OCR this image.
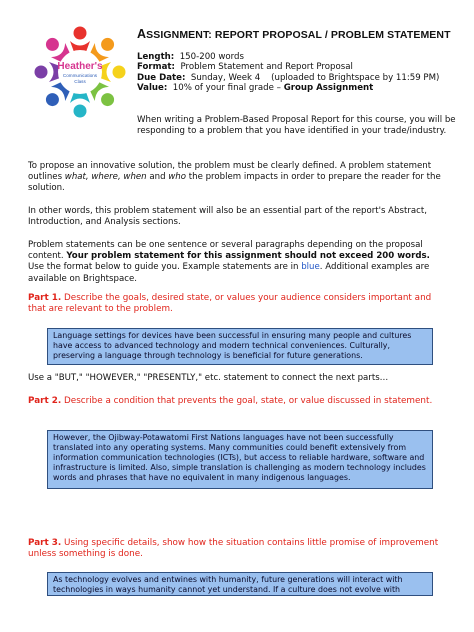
Heather's
Communications
Class
ASSIGNMENT: REPORT PROPOSAL / PROBLEM STATEMENT
Length: 150-200 words
Format: Problem Statement and Report Proposal
Due Date: Sunday, Week 4    (uploaded to Brightspace by 11:59 PM)
Value: 10% of your final grade – Group Assignment
When writing a Problem-Based Proposal Report for this course, you will be responding to a problem that you have identified in your trade/industry.
To propose an innovative solution, the problem must be clearly defined. A problem statement outlines what, where, when and who the problem impacts in order to prepare the reader for the solution.
In other words, this problem statement will also be an essential part of the report's Abstract, Introduction, and Analysis sections.
Problem statements can be one sentence or several paragraphs depending on the proposal content. Your problem statement for this assignment should not exceed 200 words. Use the format below to guide you. Example statements are in blue. Additional examples are available on Brightspace.
Part 1. Describe the goals, desired state, or values your audience considers important and that are relevant to the problem.
Language settings for devices have been successful in ensuring many people and cultures have access to advanced technology and modern technical conveniences. Culturally, preserving a language through technology is beneficial for future generations.
Use a "BUT," "HOWEVER," "PRESENTLY," etc. statement to connect the next parts…
Part 2. Describe a condition that prevents the goal, state, or value discussed in statement.
However, the Ojibway-Potawatomi First Nations languages have not been successfully translated into any operating systems. Many communities could benefit extensively from information communication technologies (ICTs), but access to reliable hardware, software and infrastructure is limited. Also, simple translation is challenging as modern technology includes words and phrases that have no equivalent in many indigenous languages.
Part 3. Using specific details, show how the situation contains little promise of improvement unless something is done.
As technology evolves and entwines with humanity, future generations will interact with technologies in ways humanity cannot yet understand. If a culture does not evolve with
